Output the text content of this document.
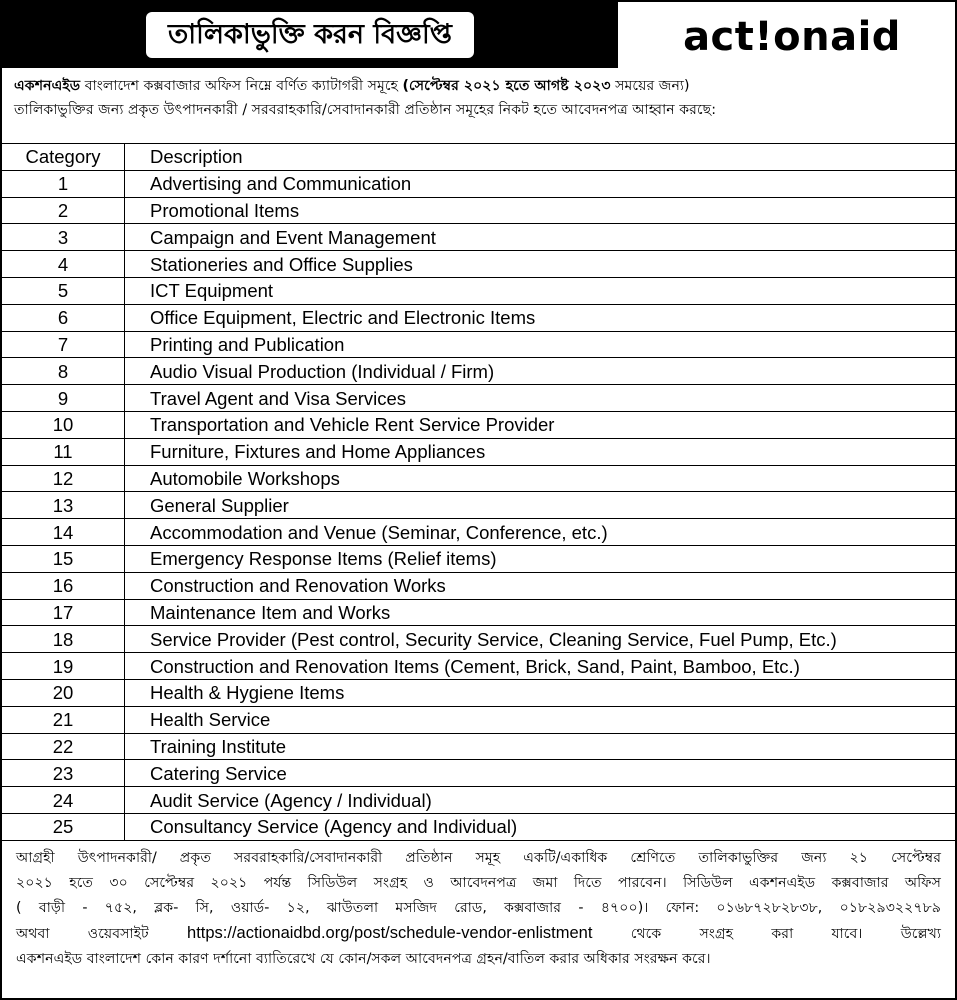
তালিকাভুক্তি করন বিজ্ঞপ্তি	act!onaid
একশনএইড বাংলাদেশ কক্সবাজার অফিস নিম্নে বর্ণিত ক্যাটাগরী সমূহে (সেপ্টেম্বর ২০২১ হতে আগষ্ট ২০২৩ সময়ের জন্য)
তালিকাভুক্তির জন্য প্রকৃত উৎপাদনকারী / সরবরাহকারি/সেবাদানকারী প্রতিষ্ঠান সমূহের নিকট হতে আবেদনপত্র আহ্বান করছে:
Category	Description
1	Advertising and Communication
2	Promotional Items
3	Campaign and Event Management
4	Stationeries and Office Supplies
5	ICT Equipment
6	Office Equipment, Electric and Electronic Items
7	Printing and Publication
8	Audio Visual Production (Individual / Firm)
9	Travel Agent and Visa Services
10	Transportation and Vehicle Rent Service Provider
11	Furniture, Fixtures and Home Appliances
12	Automobile Workshops
13	General Supplier
14	Accommodation and Venue (Seminar, Conference, etc.)
15	Emergency Response Items (Relief items)
16	Construction and Renovation Works
17	Maintenance Item and Works
18	Service Provider (Pest control, Security Service, Cleaning Service, Fuel Pump, Etc.)
19	Construction and Renovation Items (Cement, Brick, Sand, Paint, Bamboo, Etc.)
20	Health & Hygiene Items
21	Health Service
22	Training Institute
23	Catering Service
24	Audit Service (Agency / Individual)
25	Consultancy Service (Agency and Individual)
আগ্রহী উৎপাদনকারী/ প্রকৃত সরবরাহকারি/সেবাদানকারী প্রতিষ্ঠান সমূহ একটি/একাধিক শ্রেণিতে তালিকাভুক্তির জন্য ২১ সেপ্টেম্বর
২০২১ হতে ৩০ সেপ্টেম্বর ২০২১ পর্যন্ত সিডিউল সংগ্রহ ও আবেদনপত্র জমা দিতে পারবেন। সিডিউল একশনএইড কক্সবাজার অফিস
( বাড়ী - ৭৫২, ব্লক- সি, ওয়ার্ড- ১২, ঝাউতলা মসজিদ রোড, কক্সবাজার - ৪৭০০)। ফোন: ০১৬৮৭২৮২৮৩৮, ০১৮২৯৩২২৭৮৯
অথবা ওয়েবসাইট https://actionaidbd.org/post/schedule-vendor-enlistment থেকে সংগ্রহ করা যাবে। উল্লেখ্য
একশনএইড বাংলাদেশ কোন কারণ দর্শানো ব্যাতিরেখে যে কোন/সকল আবেদনপত্র গ্রহন/বাতিল করার অধিকার সংরক্ষন করে।
